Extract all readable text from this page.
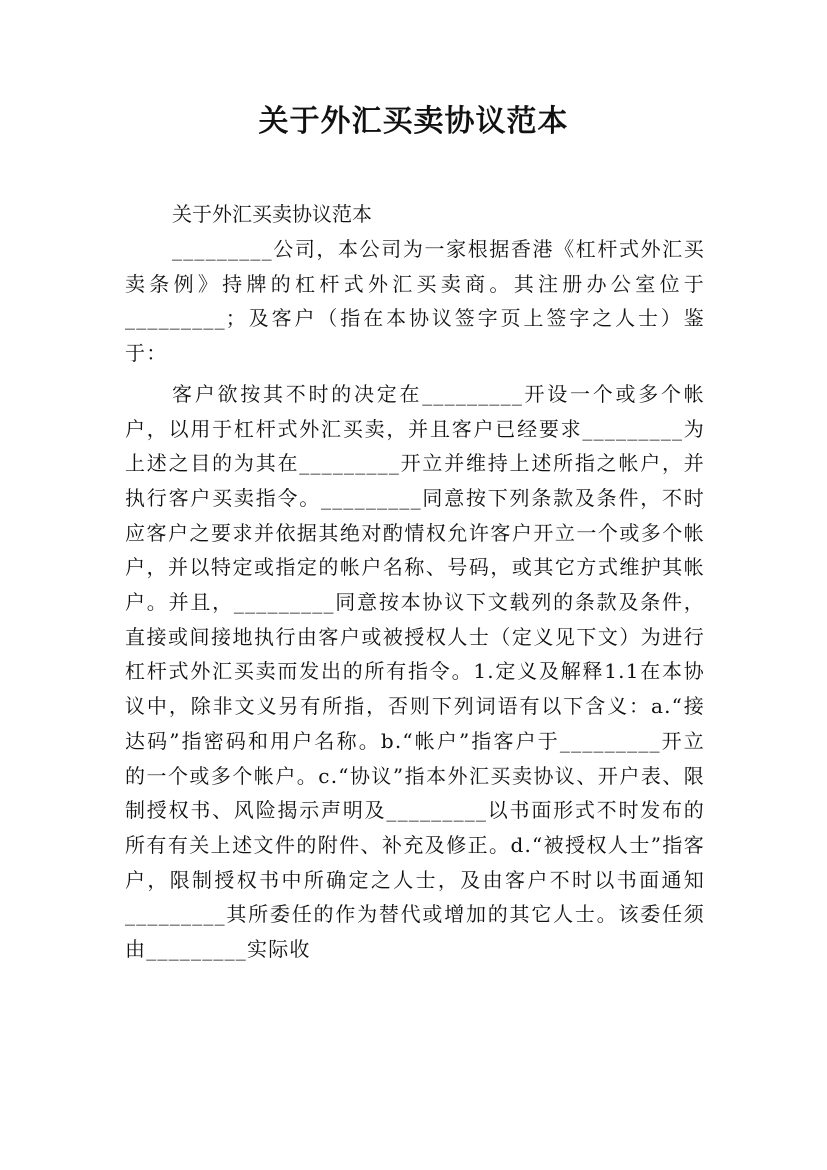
关于外汇买卖协议范本
关于外汇买卖协议范本

_________公司，本公司为一家根据香港《杠杆式外汇买卖条例》持牌的杠杆式外汇买卖商。其注册办公室位于_________；及客户（指在本协议签字页上签字之人士）鉴于：

客户欲按其不时的决定在_________开设一个或多个帐户，以用于杠杆式外汇买卖，并且客户已经要求_________为上述之目的为其在_________开立并维持上述所指之帐户，并执行客户买卖指令。_________同意按下列条款及条件，不时应客户之要求并依据其绝对酌情权允许客户开立一个或多个帐户，并以特定或指定的帐户名称、号码，或其它方式维护其帐户。并且，_________同意按本协议下文载列的条款及条件，直接或间接地执行由客户或被授权人士（定义见下文）为进行杠杆式外汇买卖而发出的所有指令。1.定义及解释1.1在本协议中，除非文义另有所指，否则下列词语有以下含义：a.“接达码”指密码和用户名称。b.“帐户”指客户于_________开立的一个或多个帐户。c.“协议”指本外汇买卖协议、开户表、限制授权书、风险揭示声明及_________以书面形式不时发布的所有有关上述文件的附件、补充及修正。d.“被授权人士”指客户，限制授权书中所确定之人士，及由客户不时以书面通知_________其所委任的作为替代或增加的其它人士。该委任须由_________实际收
